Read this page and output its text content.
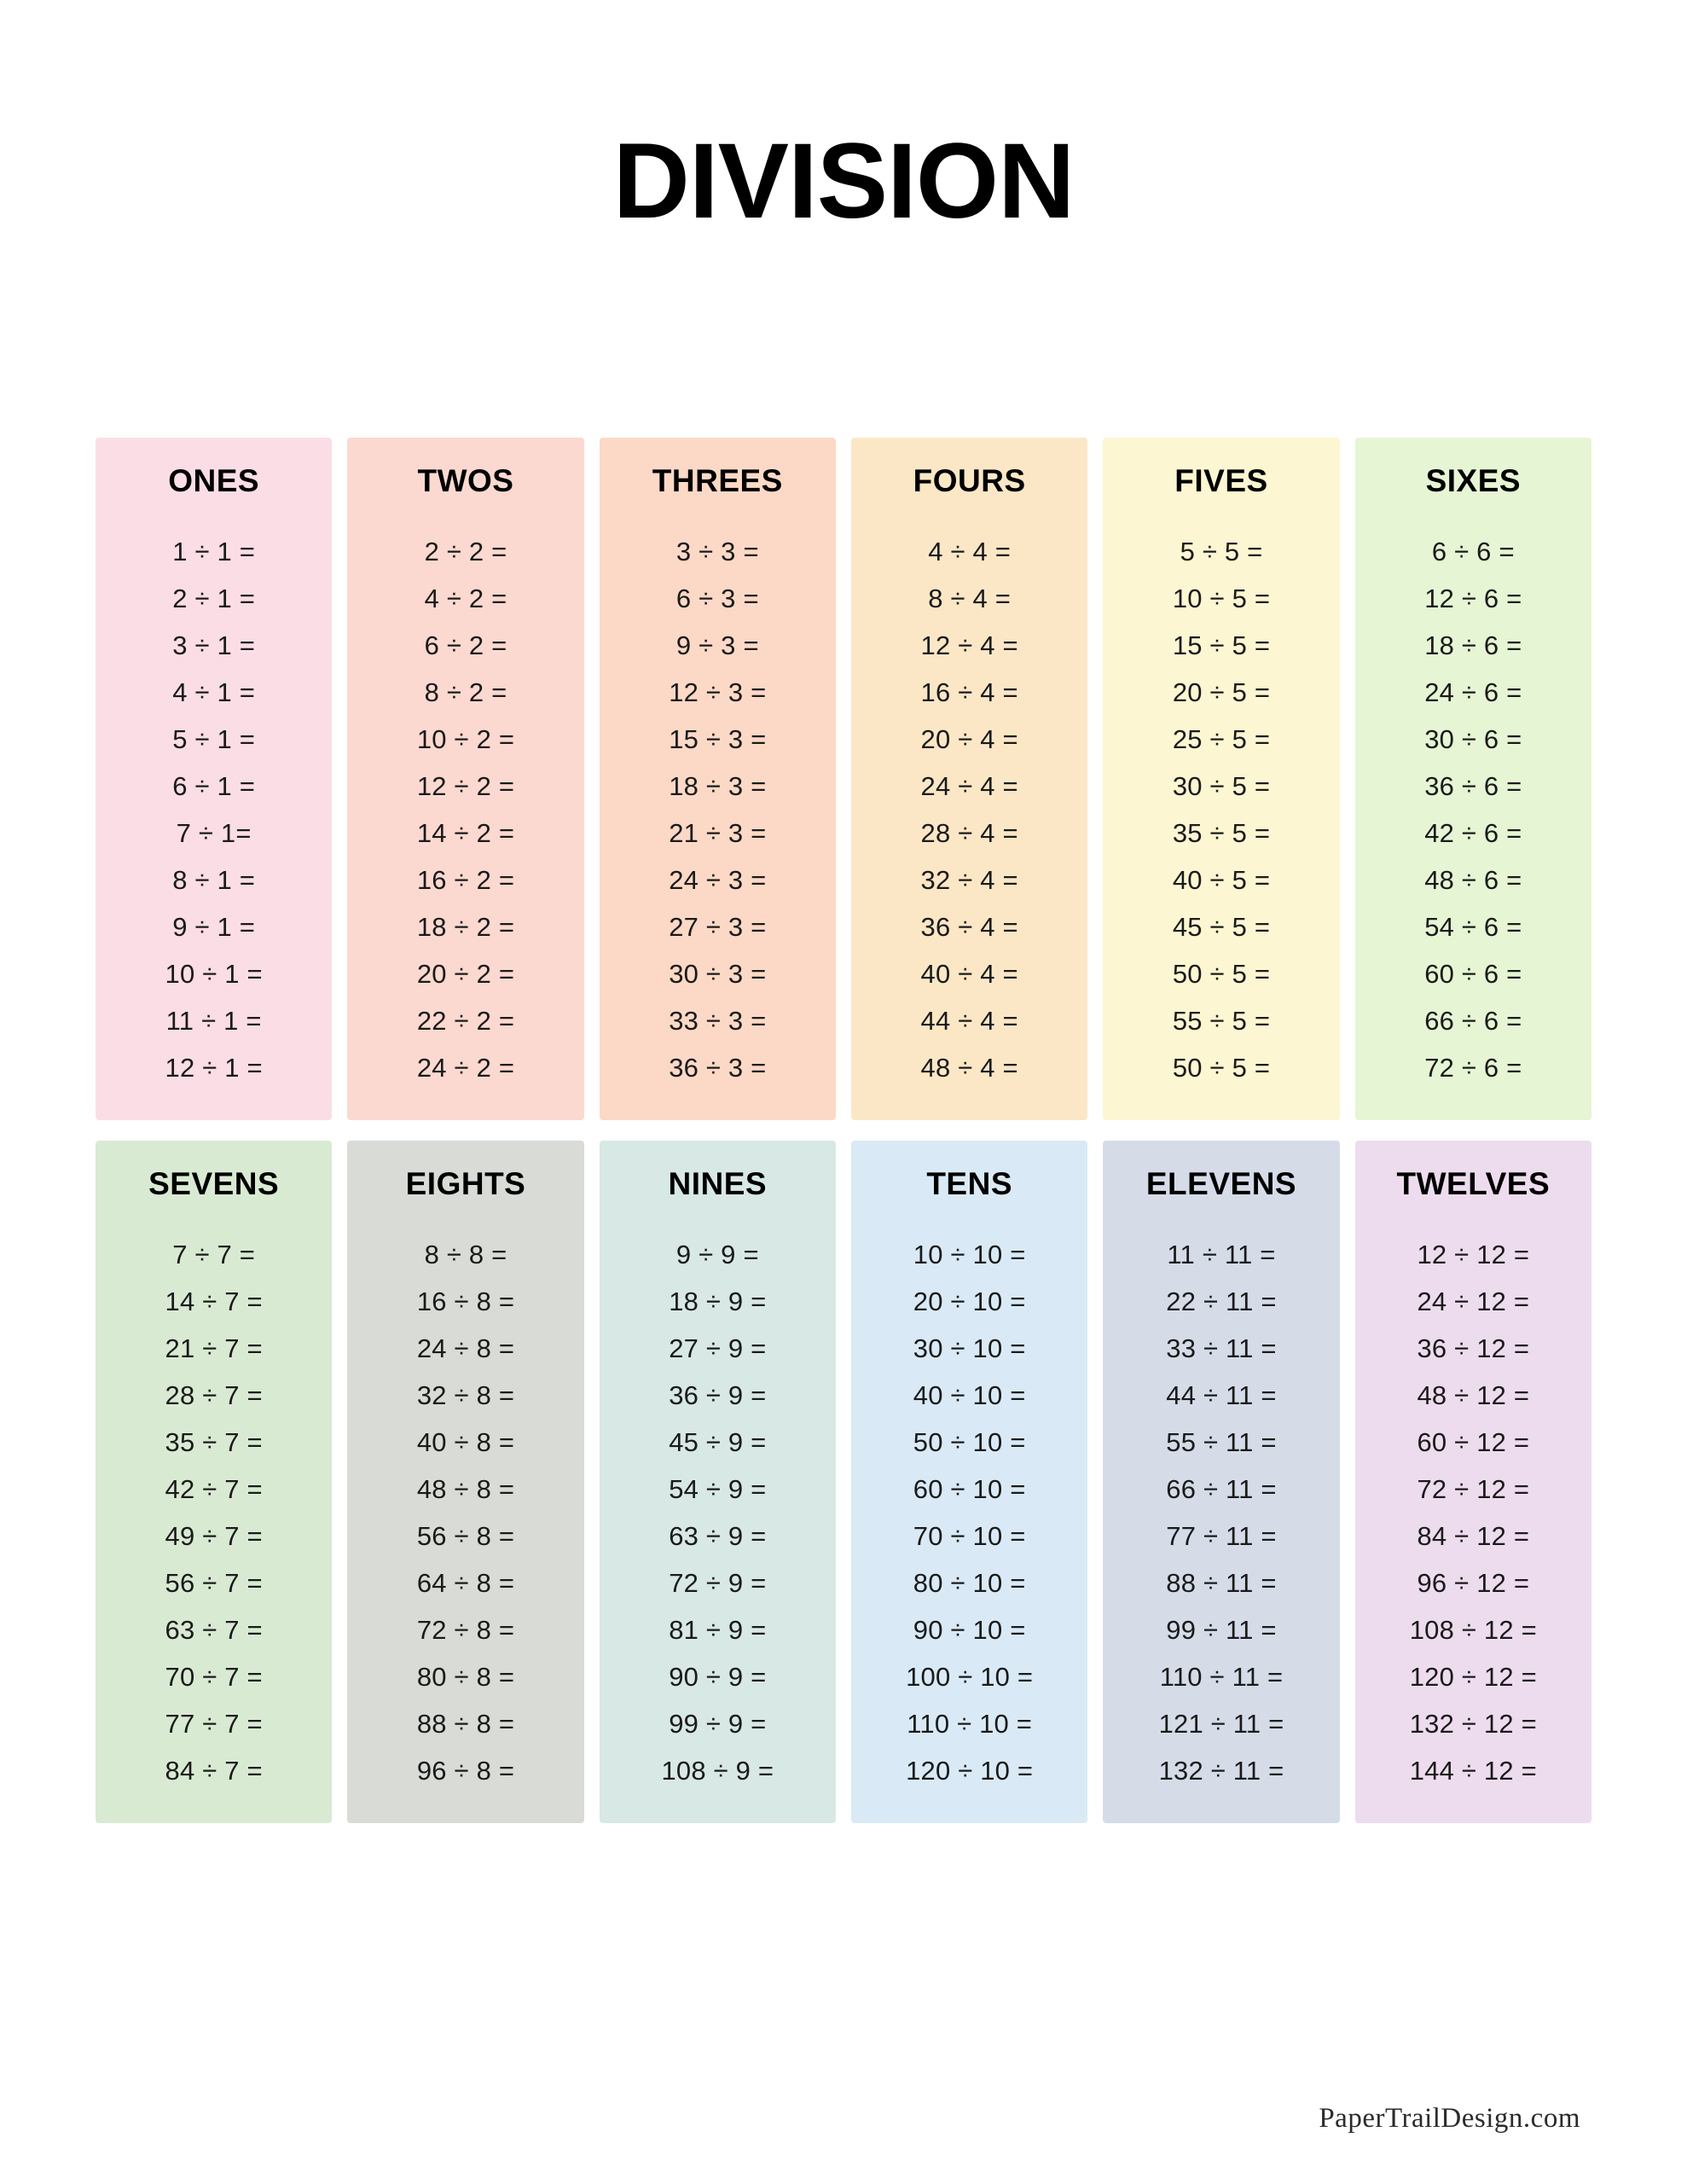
DIVISION
ONES
1 ÷ 1 =
2 ÷ 1 =
3 ÷ 1 =
4 ÷ 1 =
5 ÷ 1 =
6 ÷ 1 =
7 ÷ 1=
8 ÷ 1 =
9 ÷ 1 =
10 ÷ 1 =
11 ÷ 1 =
12 ÷ 1 =
TWOS
2 ÷ 2 =
4 ÷ 2 =
6 ÷ 2 =
8 ÷ 2 =
10 ÷ 2 =
12 ÷ 2 =
14 ÷ 2 =
16 ÷ 2 =
18 ÷ 2 =
20 ÷ 2 =
22 ÷ 2 =
24 ÷ 2 =
THREES
3 ÷ 3 =
6 ÷ 3 =
9 ÷ 3 =
12 ÷ 3 =
15 ÷ 3 =
18 ÷ 3 =
21 ÷ 3 =
24 ÷ 3 =
27 ÷ 3 =
30 ÷ 3 =
33 ÷ 3 =
36 ÷ 3 =
FOURS
4 ÷ 4 =
8 ÷ 4 =
12 ÷ 4 =
16 ÷ 4 =
20 ÷ 4 =
24 ÷ 4 =
28 ÷ 4 =
32 ÷ 4 =
36 ÷ 4 =
40 ÷ 4 =
44 ÷ 4 =
48 ÷ 4 =
FIVES
5 ÷ 5 =
10 ÷ 5 =
15 ÷ 5 =
20 ÷ 5 =
25 ÷ 5 =
30 ÷ 5 =
35 ÷ 5 =
40 ÷ 5 =
45 ÷ 5 =
50 ÷ 5 =
55 ÷ 5 =
50 ÷ 5 =
SIXES
6 ÷ 6 =
12 ÷ 6 =
18 ÷ 6 =
24 ÷ 6 =
30 ÷ 6 =
36 ÷ 6 =
42 ÷ 6 =
48 ÷ 6 =
54 ÷ 6 =
60 ÷ 6 =
66 ÷ 6 =
72 ÷ 6 =
SEVENS
7 ÷ 7 =
14 ÷ 7 =
21 ÷ 7 =
28 ÷ 7 =
35 ÷ 7 =
42 ÷ 7 =
49 ÷ 7 =
56 ÷ 7 =
63 ÷ 7 =
70 ÷ 7 =
77 ÷ 7 =
84 ÷ 7 =
EIGHTS
8 ÷ 8 =
16 ÷ 8 =
24 ÷ 8 =
32 ÷ 8 =
40 ÷ 8 =
48 ÷ 8 =
56 ÷ 8 =
64 ÷ 8 =
72 ÷ 8 =
80 ÷ 8 =
88 ÷ 8 =
96 ÷ 8 =
NINES
9 ÷ 9 =
18 ÷ 9 =
27 ÷ 9 =
36 ÷ 9 =
45 ÷ 9 =
54 ÷ 9 =
63 ÷ 9 =
72 ÷ 9 =
81 ÷ 9 =
90 ÷ 9 =
99 ÷ 9 =
108 ÷ 9 =
TENS
10 ÷ 10 =
20 ÷ 10 =
30 ÷ 10 =
40 ÷ 10 =
50 ÷ 10 =
60 ÷ 10 =
70 ÷ 10 =
80 ÷ 10 =
90 ÷ 10 =
100 ÷ 10 =
110 ÷ 10 =
120 ÷ 10 =
ELEVENS
11 ÷ 11 =
22 ÷ 11 =
33 ÷ 11 =
44 ÷ 11 =
55 ÷ 11 =
66 ÷ 11 =
77 ÷ 11 =
88 ÷ 11 =
99 ÷ 11 =
110 ÷ 11 =
121 ÷ 11 =
132 ÷ 11 =
TWELVES
12 ÷ 12 =
24 ÷ 12 =
36 ÷ 12 =
48 ÷ 12 =
60 ÷ 12 =
72 ÷ 12 =
84 ÷ 12 =
96 ÷ 12 =
108 ÷ 12 =
120 ÷ 12 =
132 ÷ 12 =
144 ÷ 12 =
PaperTrailDesign.com
